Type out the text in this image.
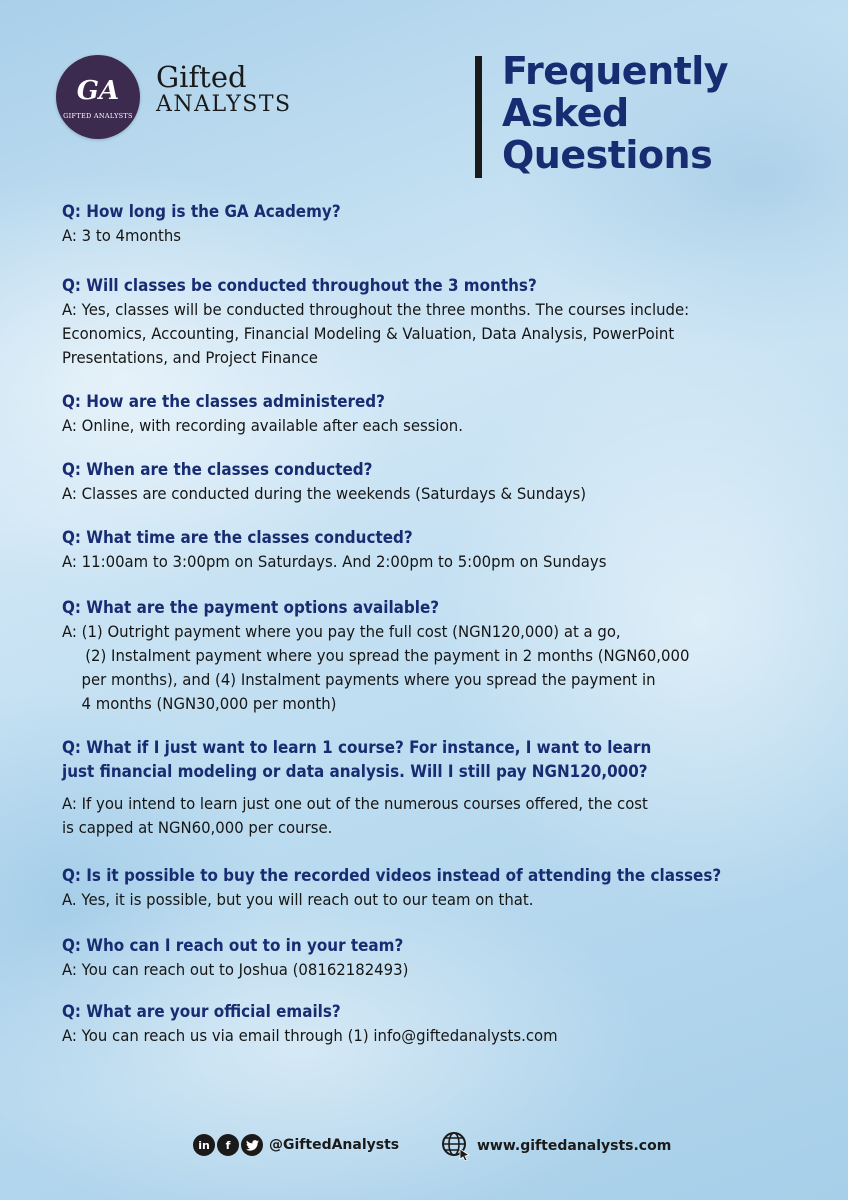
GA
GIFTED ANALYSTS
Gifted
ANALYSTS
Frequently
Asked
Questions
Q: How long is the GA Academy?
A: 3 to 4months
Q: Will classes be conducted throughout the 3 months?
A: Yes, classes will be conducted throughout the three months. The courses include:
Economics, Accounting, Financial Modeling & Valuation, Data Analysis, PowerPoint
Presentations, and Project Finance
Q: How are the classes administered?
A: Online, with recording available after each session.
Q: When are the classes conducted?
A: Classes are conducted during the weekends (Saturdays & Sundays)
Q: What time are the classes conducted?
A: 11:00am to 3:00pm on Saturdays. And 2:00pm to 5:00pm on Sundays
Q: What are the payment options available?
A: (1) Outright payment where you pay the full cost (NGN120,000) at a go,
(2) Instalment payment where you spread the payment in 2 months (NGN60,000
per months), and (4) Instalment payments where you spread the payment in
4 months (NGN30,000 per month)
Q: What if I just want to learn 1 course? For instance, I want to learn
just financial modeling or data analysis. Will I still pay NGN120,000?
A: If you intend to learn just one out of the numerous courses offered, the cost
is capped at NGN60,000 per course.
Q: Is it possible to buy the recorded videos instead of attending the classes?
A. Yes, it is possible, but you will reach out to our team on that.
Q: Who can I reach out to in your team?
A: You can reach out to Joshua (08162182493)
Q: What are your official emails?
A: You can reach us via email through (1) info@giftedanalysts.com
in	f	@GiftedAnalysts	www.giftedanalysts.com
